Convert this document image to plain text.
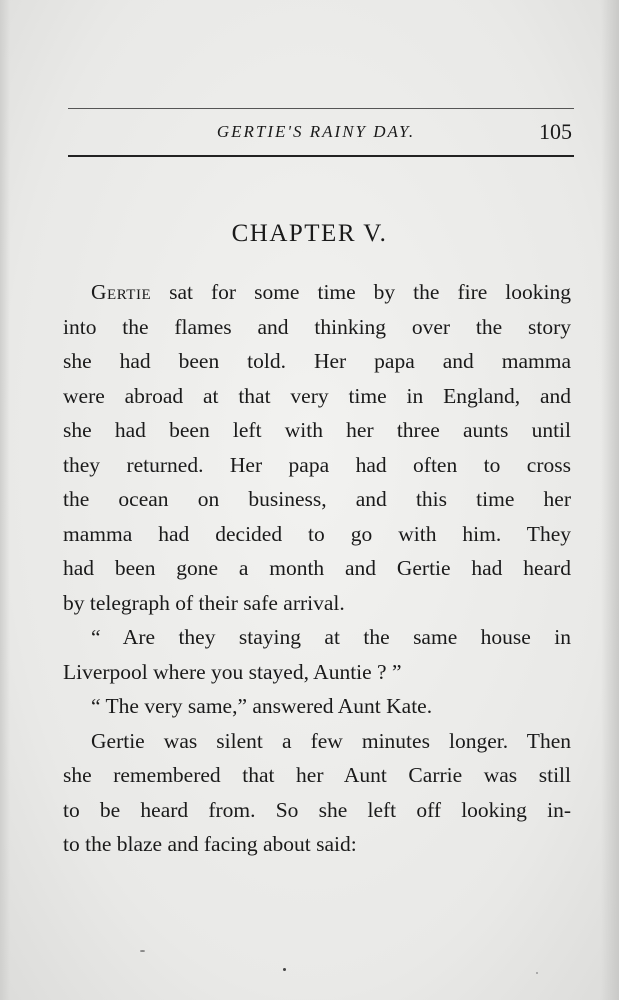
GERTIE'S RAINY DAY.	105
CHAPTER V.
Gertie sat for some time by the fire looking
into the flames and thinking over the story
she had been told. Her papa and mamma
were abroad at that very time in England, and
she had been left with her three aunts until
they returned. Her papa had often to cross
the ocean on business, and this time her
mamma had decided to go with him. They
had been gone a month and Gertie had heard
by telegraph of their safe arrival.
“ Are they staying at the same house in
Liverpool where you stayed, Auntie ? ”
“ The very same,” answered Aunt Kate.
Gertie was silent a few minutes longer. Then
she remembered that her Aunt Carrie was still
to be heard from. So she left off looking in-
to the blaze and facing about said:
